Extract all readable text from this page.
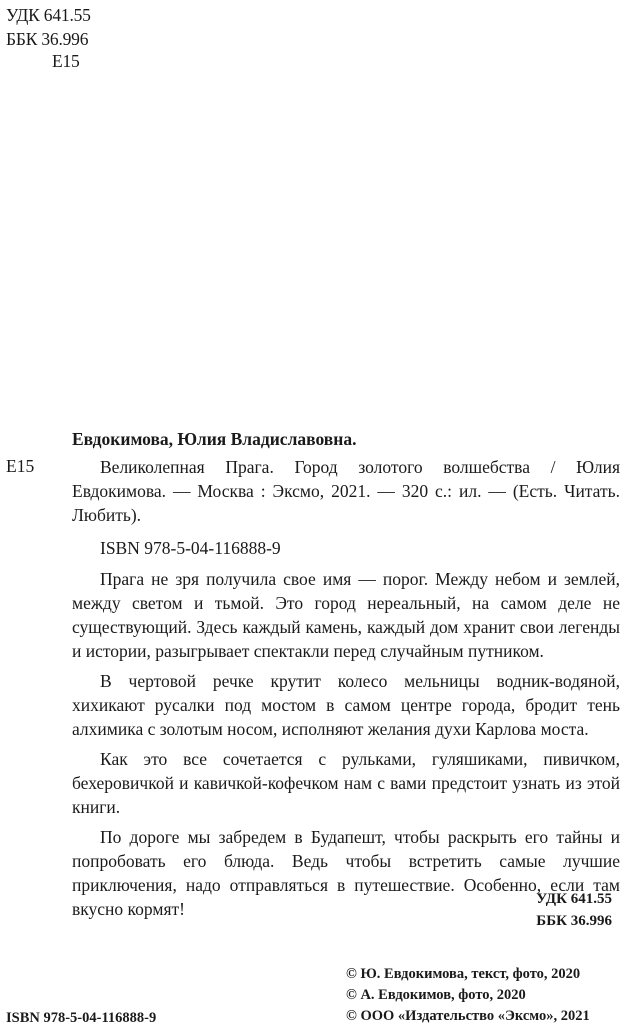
УДК 641.55
ББК 36.996
Е15
Евдокимова, Юлия Владиславовна.
Е15	Великолепная Прага. Город золотого волшебства / Юлия Евдокимова. — Москва : Эксмо, 2021. — 320 с.: ил. — (Есть. Читать. Любить).

ISBN 978-5-04-116888-9

Прага не зря получила свое имя — порог. Между небом и землей, между светом и тьмой. Это город нереальный, на самом деле не существующий. Здесь каждый камень, каждый дом хранит свои легенды и истории, разыгрывает спектакли перед случайным путником.

В чертовой речке крутит колесо мельницы водник-водяной, хихикают русалки под мостом в самом центре города, бродит тень алхимика с золотым носом, исполняют желания духи Карлова моста.

Как это все сочетается с рульками, гуляшиками, пивичком, бехеровичкой и кавичкой-кофечком нам с вами предстоит узнать из этой книги.

По дороге мы забредем в Будапешт, чтобы раскрыть его тайны и попробовать его блюда. Ведь чтобы встретить самые лучшие приключения, надо отправляться в путешествие. Особенно, если там вкусно кормят!	УДК 641.55
ББК 36.996
ISBN 978-5-04-116888-9
© Ю. Евдокимова, текст, фото, 2020
© А. Евдокимов, фото, 2020
© ООО «Издательство «Эксмо», 2021
